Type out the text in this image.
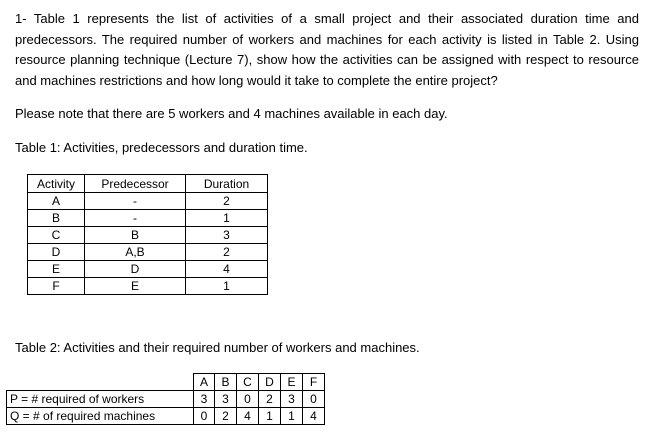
1- Table 1 represents the list of activities of a small project and their associated duration time and predecessors. The required number of workers and machines for each activity is listed in Table 2. Using resource planning technique (Lecture 7), show how the activities can be assigned with respect to resource and machines restrictions and how long would it take to complete the entire project?

Please note that there are 5 workers and 4 machines available in each day.

Table 1: Activities, predecessors and duration time.

Activity	Predecessor	Duration
A	-	2
B	-	1
C	B	3
D	A,B	2
E	D	4
F	E	1

Table 2: Activities and their required number of workers and machines.

	A	B	C	D	E	F
P = # required of workers	3	3	0	2	3	0
Q = # of required machines	0	2	4	1	1	4
